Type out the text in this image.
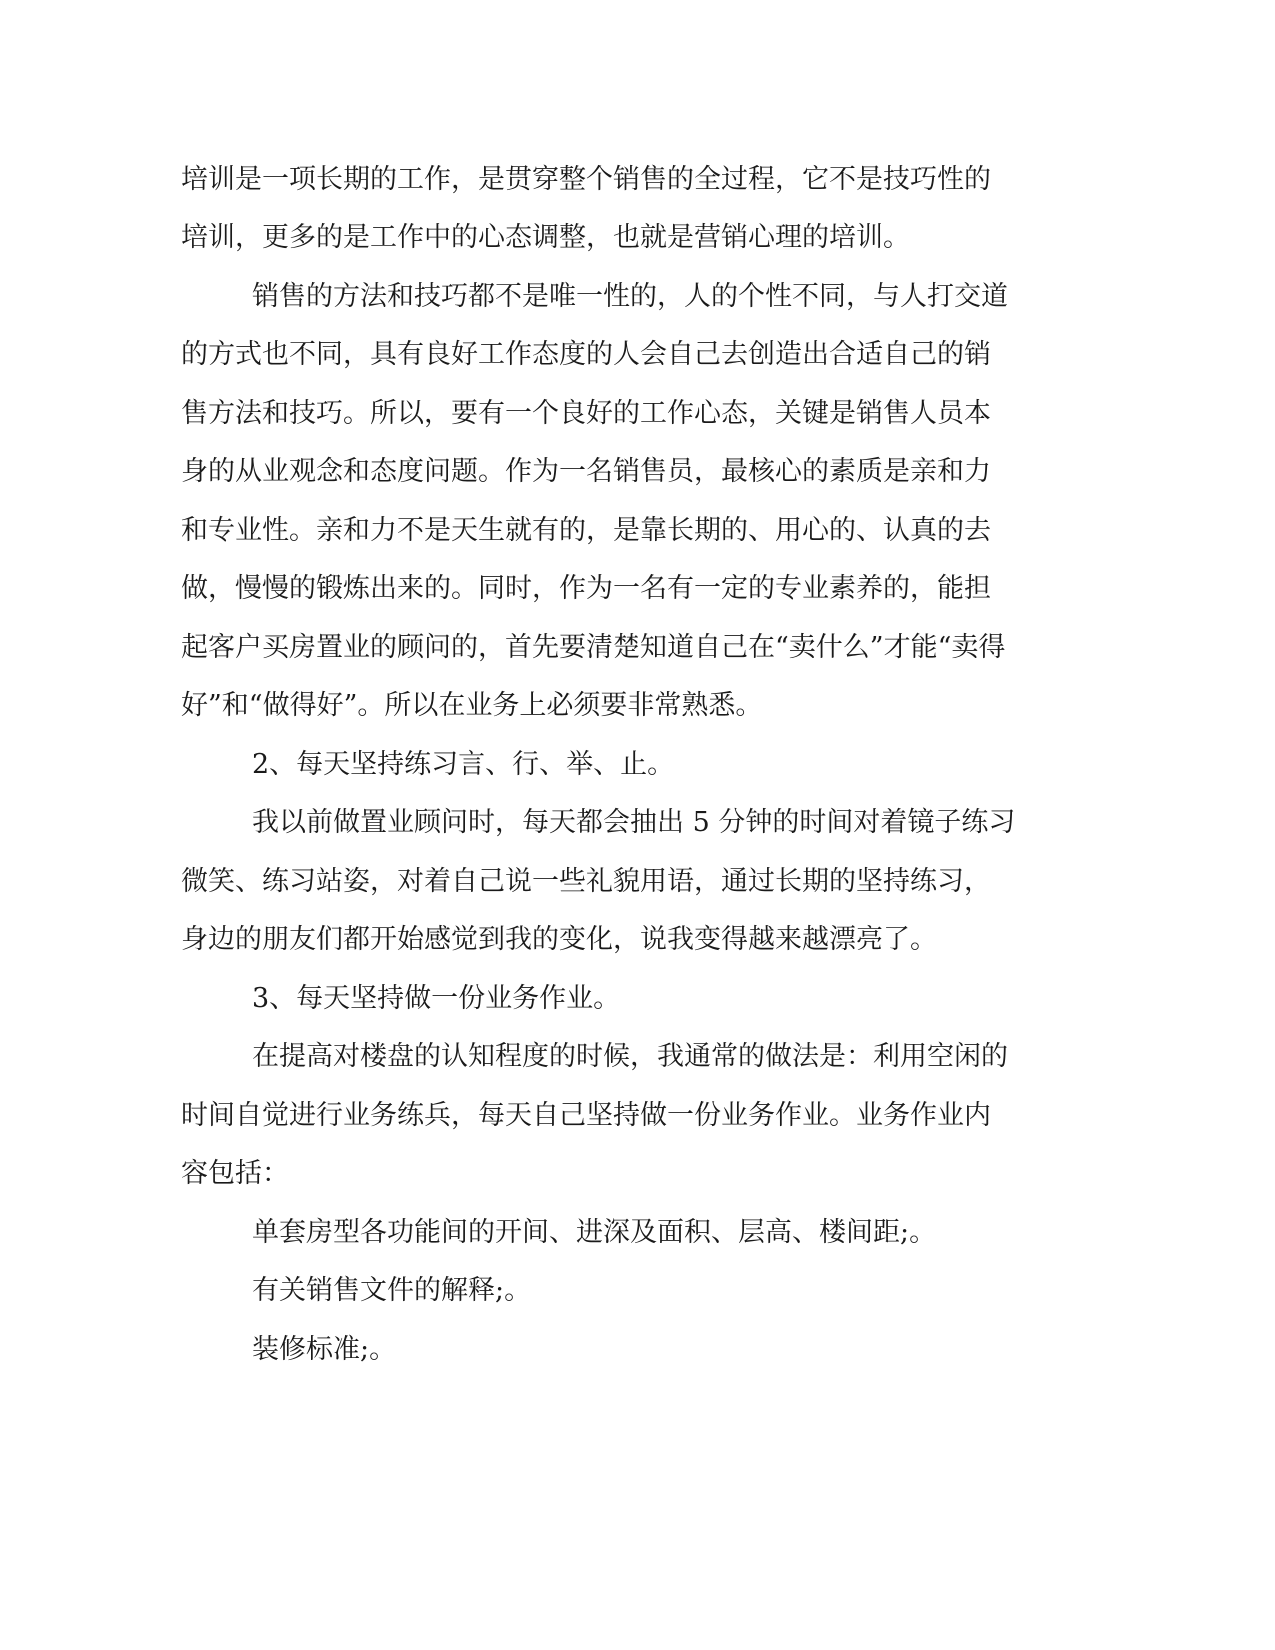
培训是一项长期的工作，是贯穿整个销售的全过程，它不是技巧性的
培训，更多的是工作中的心态调整，也就是营销心理的培训。
销售的方法和技巧都不是唯一性的，人的个性不同，与人打交道
的方式也不同，具有良好工作态度的人会自己去创造出合适自己的销
售方法和技巧。所以，要有一个良好的工作心态，关键是销售人员本
身的从业观念和态度问题。作为一名销售员，最核心的素质是亲和力
和专业性。亲和力不是天生就有的，是靠长期的、用心的、认真的去
做，慢慢的锻炼出来的。同时，作为一名有一定的专业素养的，能担
起客户买房置业的顾问的，首先要清楚知道自己在“卖什么”才能“卖得
好”和“做得好”。所以在业务上必须要非常熟悉。
2、每天坚持练习言、行、举、止。
我以前做置业顾问时，每天都会抽出 5 分钟的时间对着镜子练习
微笑、练习站姿，对着自己说一些礼貌用语，通过长期的坚持练习，
身边的朋友们都开始感觉到我的变化，说我变得越来越漂亮了。
3、每天坚持做一份业务作业。
在提高对楼盘的认知程度的时候，我通常的做法是：利用空闲的
时间自觉进行业务练兵，每天自己坚持做一份业务作业。业务作业内
容包括：
单套房型各功能间的开间、进深及面积、层高、楼间距;。
有关销售文件的解释;。
装修标准;。
